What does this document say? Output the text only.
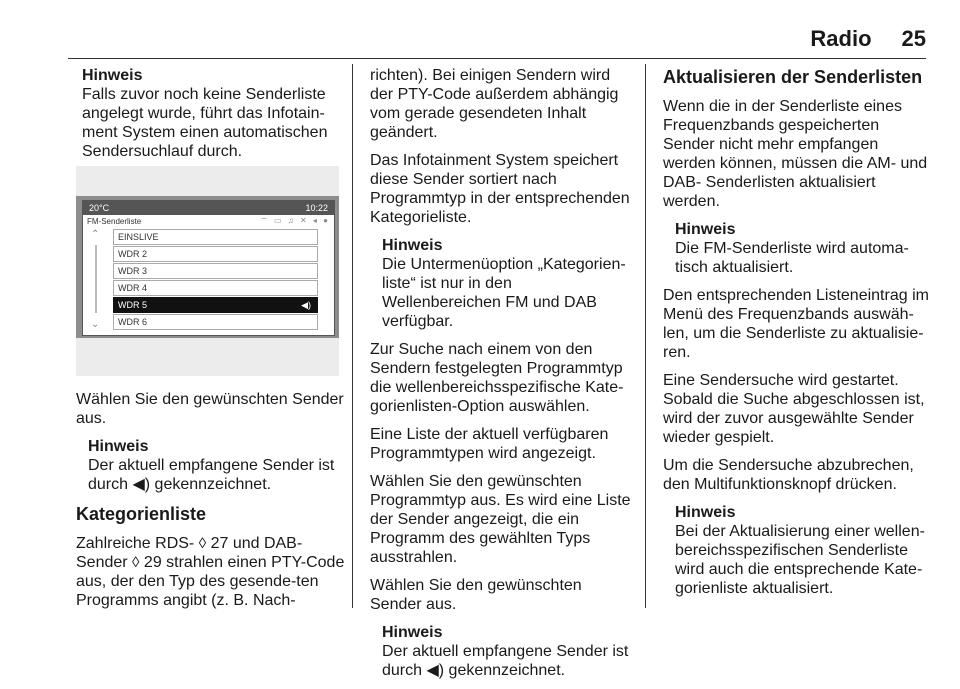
Radio 25
Hinweis
Falls zuvor noch keine Senderliste angelegt wurde, führt das Infotain-ment System einen automatischen Sendersuchlauf durch.
20°C	10:22
FM-Senderliste	⌔ ▭ ♫ ✕ ◂ ●
⌃
⌄
EINSLIVE
WDR 2
WDR 3
WDR 4
WDR 5	◀)
WDR 6

Wählen Sie den gewünschten Sender aus.

Hinweis
Der aktuell empfangene Sender ist durch ◀) gekennzeichnet.
Kategorienliste

Zahlreiche RDS- ◊ 27 und DAB-Sender ◊ 29 strahlen einen PTY-Code aus, der den Typ des gesende-ten Programms angibt (z. B. Nach-

richten). Bei einigen Sendern wird der PTY-Code außerdem abhängig vom gerade gesendeten Inhalt geändert.

Das Infotainment System speichert diese Sender sortiert nach Programmtyp in der entsprechenden Kategorieliste.

Hinweis
Die Untermenüoption „Kategorien-liste“ ist nur in den Wellenbereichen FM und DAB verfügbar.

Zur Suche nach einem von den Sendern festgelegten Programmtyp die wellenbereichsspezifische Kate-gorienlisten-Option auswählen.

Eine Liste der aktuell verfügbaren Programmtypen wird angezeigt.

Wählen Sie den gewünschten Programmtyp aus. Es wird eine Liste der Sender angezeigt, die ein Programm des gewählten Typs ausstrahlen.

Wählen Sie den gewünschten Sender aus.

Hinweis
Der aktuell empfangene Sender ist durch ◀) gekennzeichnet.
Aktualisieren der Senderlisten

Wenn die in der Senderliste eines Frequenzbands gespeicherten Sender nicht mehr empfangen werden können, müssen die AM- und DAB- Senderlisten aktualisiert werden.

Hinweis
Die FM-Senderliste wird automa-tisch aktualisiert.

Den entsprechenden Listeneintrag im Menü des Frequenzbands auswäh-len, um die Senderliste zu aktualisie-ren.

Eine Sendersuche wird gestartet. Sobald die Suche abgeschlossen ist, wird der zuvor ausgewählte Sender wieder gespielt.

Um die Sendersuche abzubrechen, den Multifunktionsknopf drücken.

Hinweis
Bei der Aktualisierung einer wellen-bereichsspezifischen Senderliste wird auch die entsprechende Kate-gorienliste aktualisiert.
